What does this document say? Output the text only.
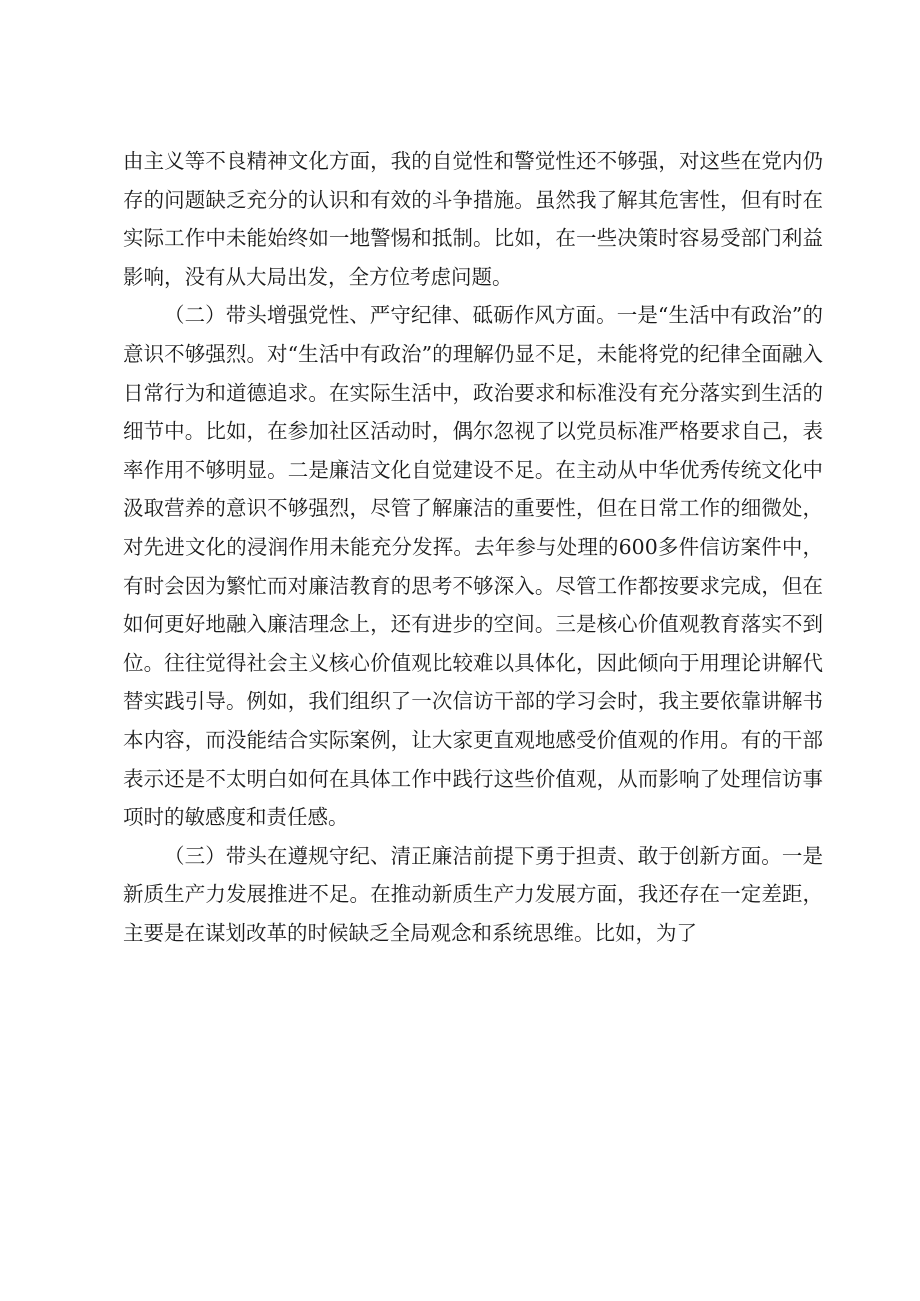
由主义等不良精神文化方面，我的自觉性和警觉性还不够强，对这些在党内仍存的问题缺乏充分的认识和有效的斗争措施。虽然我了解其危害性，但有时在实际工作中未能始终如一地警惕和抵制。比如，在一些决策时容易受部门利益影响，没有从大局出发，全方位考虑问题。

（二）带头增强党性、严守纪律、砥砺作风方面。一是“生活中有政治”的意识不够强烈。对“生活中有政治”的理解仍显不足，未能将党的纪律全面融入日常行为和道德追求。在实际生活中，政治要求和标准没有充分落实到生活的细节中。比如，在参加社区活动时，偶尔忽视了以党员标准严格要求自己，表率作用不够明显。二是廉洁文化自觉建设不足。在主动从中华优秀传统文化中汲取营养的意识不够强烈，尽管了解廉洁的重要性，但在日常工作的细微处，对先进文化的浸润作用未能充分发挥。去年参与处理的600多件信访案件中，有时会因为繁忙而对廉洁教育的思考不够深入。尽管工作都按要求完成，但在如何更好地融入廉洁理念上，还有进步的空间。三是核心价值观教育落实不到位。往往觉得社会主义核心价值观比较难以具体化，因此倾向于用理论讲解代替实践引导。例如，我们组织了一次信访干部的学习会时，我主要依靠讲解书本内容，而没能结合实际案例，让大家更直观地感受价值观的作用。有的干部表示还是不太明白如何在具体工作中践行这些价值观，从而影响了处理信访事项时的敏感度和责任感。

（三）带头在遵规守纪、清正廉洁前提下勇于担责、敢于创新方面。一是新质生产力发展推进不足。在推动新质生产力发展方面，我还存在一定差距，主要是在谋划改革的时候缺乏全局观念和系统思维。比如，为了
